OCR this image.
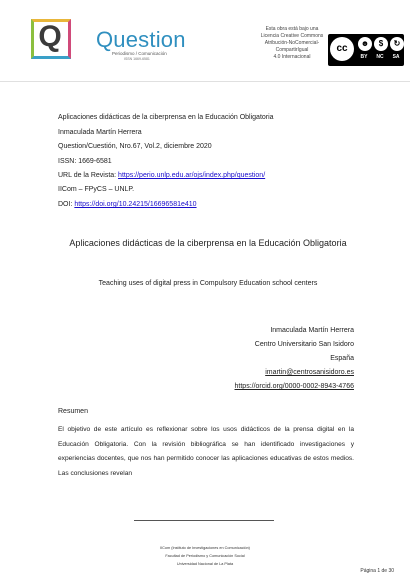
Q Question
Periodismo / Comunicación
ISSN 1669-6581
Esta obra está bajo una
Licencia Creative Commons
Atribución-NoComercial-CompartirIgual
4.0 Internacional
cc	☻	$	↻
BY NC SA
Aplicaciones didácticas de la ciberprensa en la Educación Obligatoria
Inmaculada Martín Herrera
Question/Cuestión, Nro.67, Vol.2, diciembre 2020
ISSN: 1669-6581
URL de la Revista: https://perio.unlp.edu.ar/ojs/index.php/question/
IICom – FPyCS – UNLP.
DOI: https://doi.org/10.24215/16696581e410
Aplicaciones didácticas de la ciberprensa en la Educación Obligatoria
Teaching uses of digital press in Compulsory Education school centers
Inmaculada Martín Herrera
Centro Universitario San Isidoro
España
imartin@centrosanisidoro.es
https://orcid.org/0000-0002-8943-4766
Resumen
El objetivo de este artículo es reflexionar sobre los usos didácticos de la prensa digital en la Educación Obligatoria. Con la revisión bibliográfica se han identificado investigaciones y experiencias docentes, que nos han permitido conocer las aplicaciones educativas de estos medios. Las conclusiones revelan
IICom (Instituto de Investigaciones en Comunicación)
Facultad de Periodismo y Comunicación Social
Universidad Nacional de La Plata
Página 1 de 30
